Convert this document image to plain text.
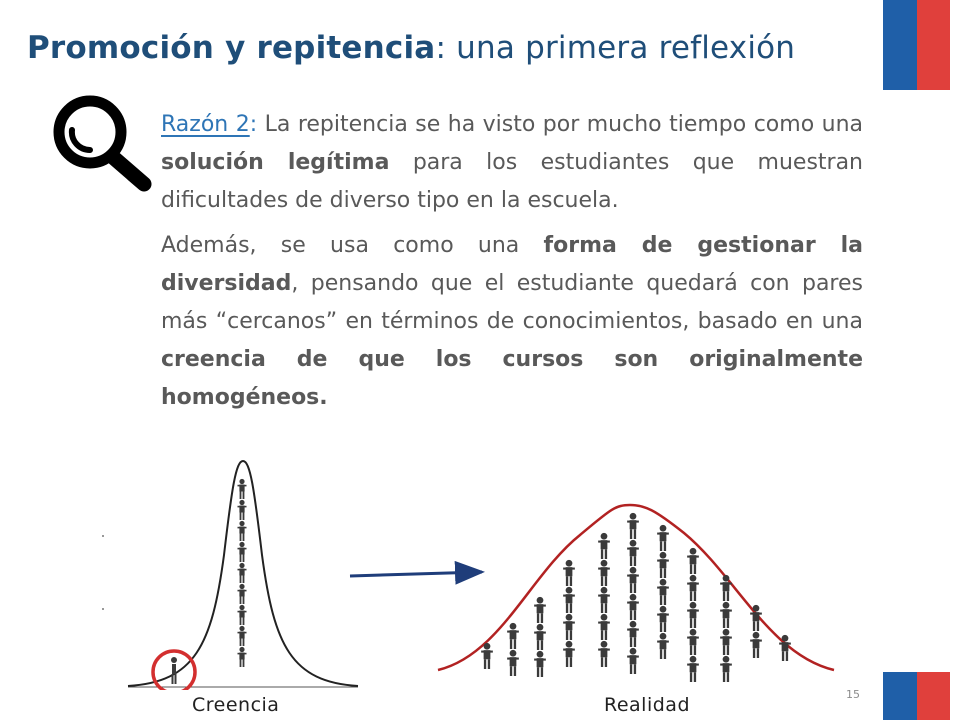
Promoción y repitencia: una primera reflexión

Razón 2: La repitencia se ha visto por mucho tiempo como una solución legítima para los estudiantes que muestran dificultades de diverso tipo en la escuela.

Además, se usa como una forma de gestionar la diversidad, pensando que el estudiante quedará con pares más “cercanos” en términos de conocimientos, basado en una creencia de que los cursos son originalmente homogéneos.

Creencia	Realidad	15
